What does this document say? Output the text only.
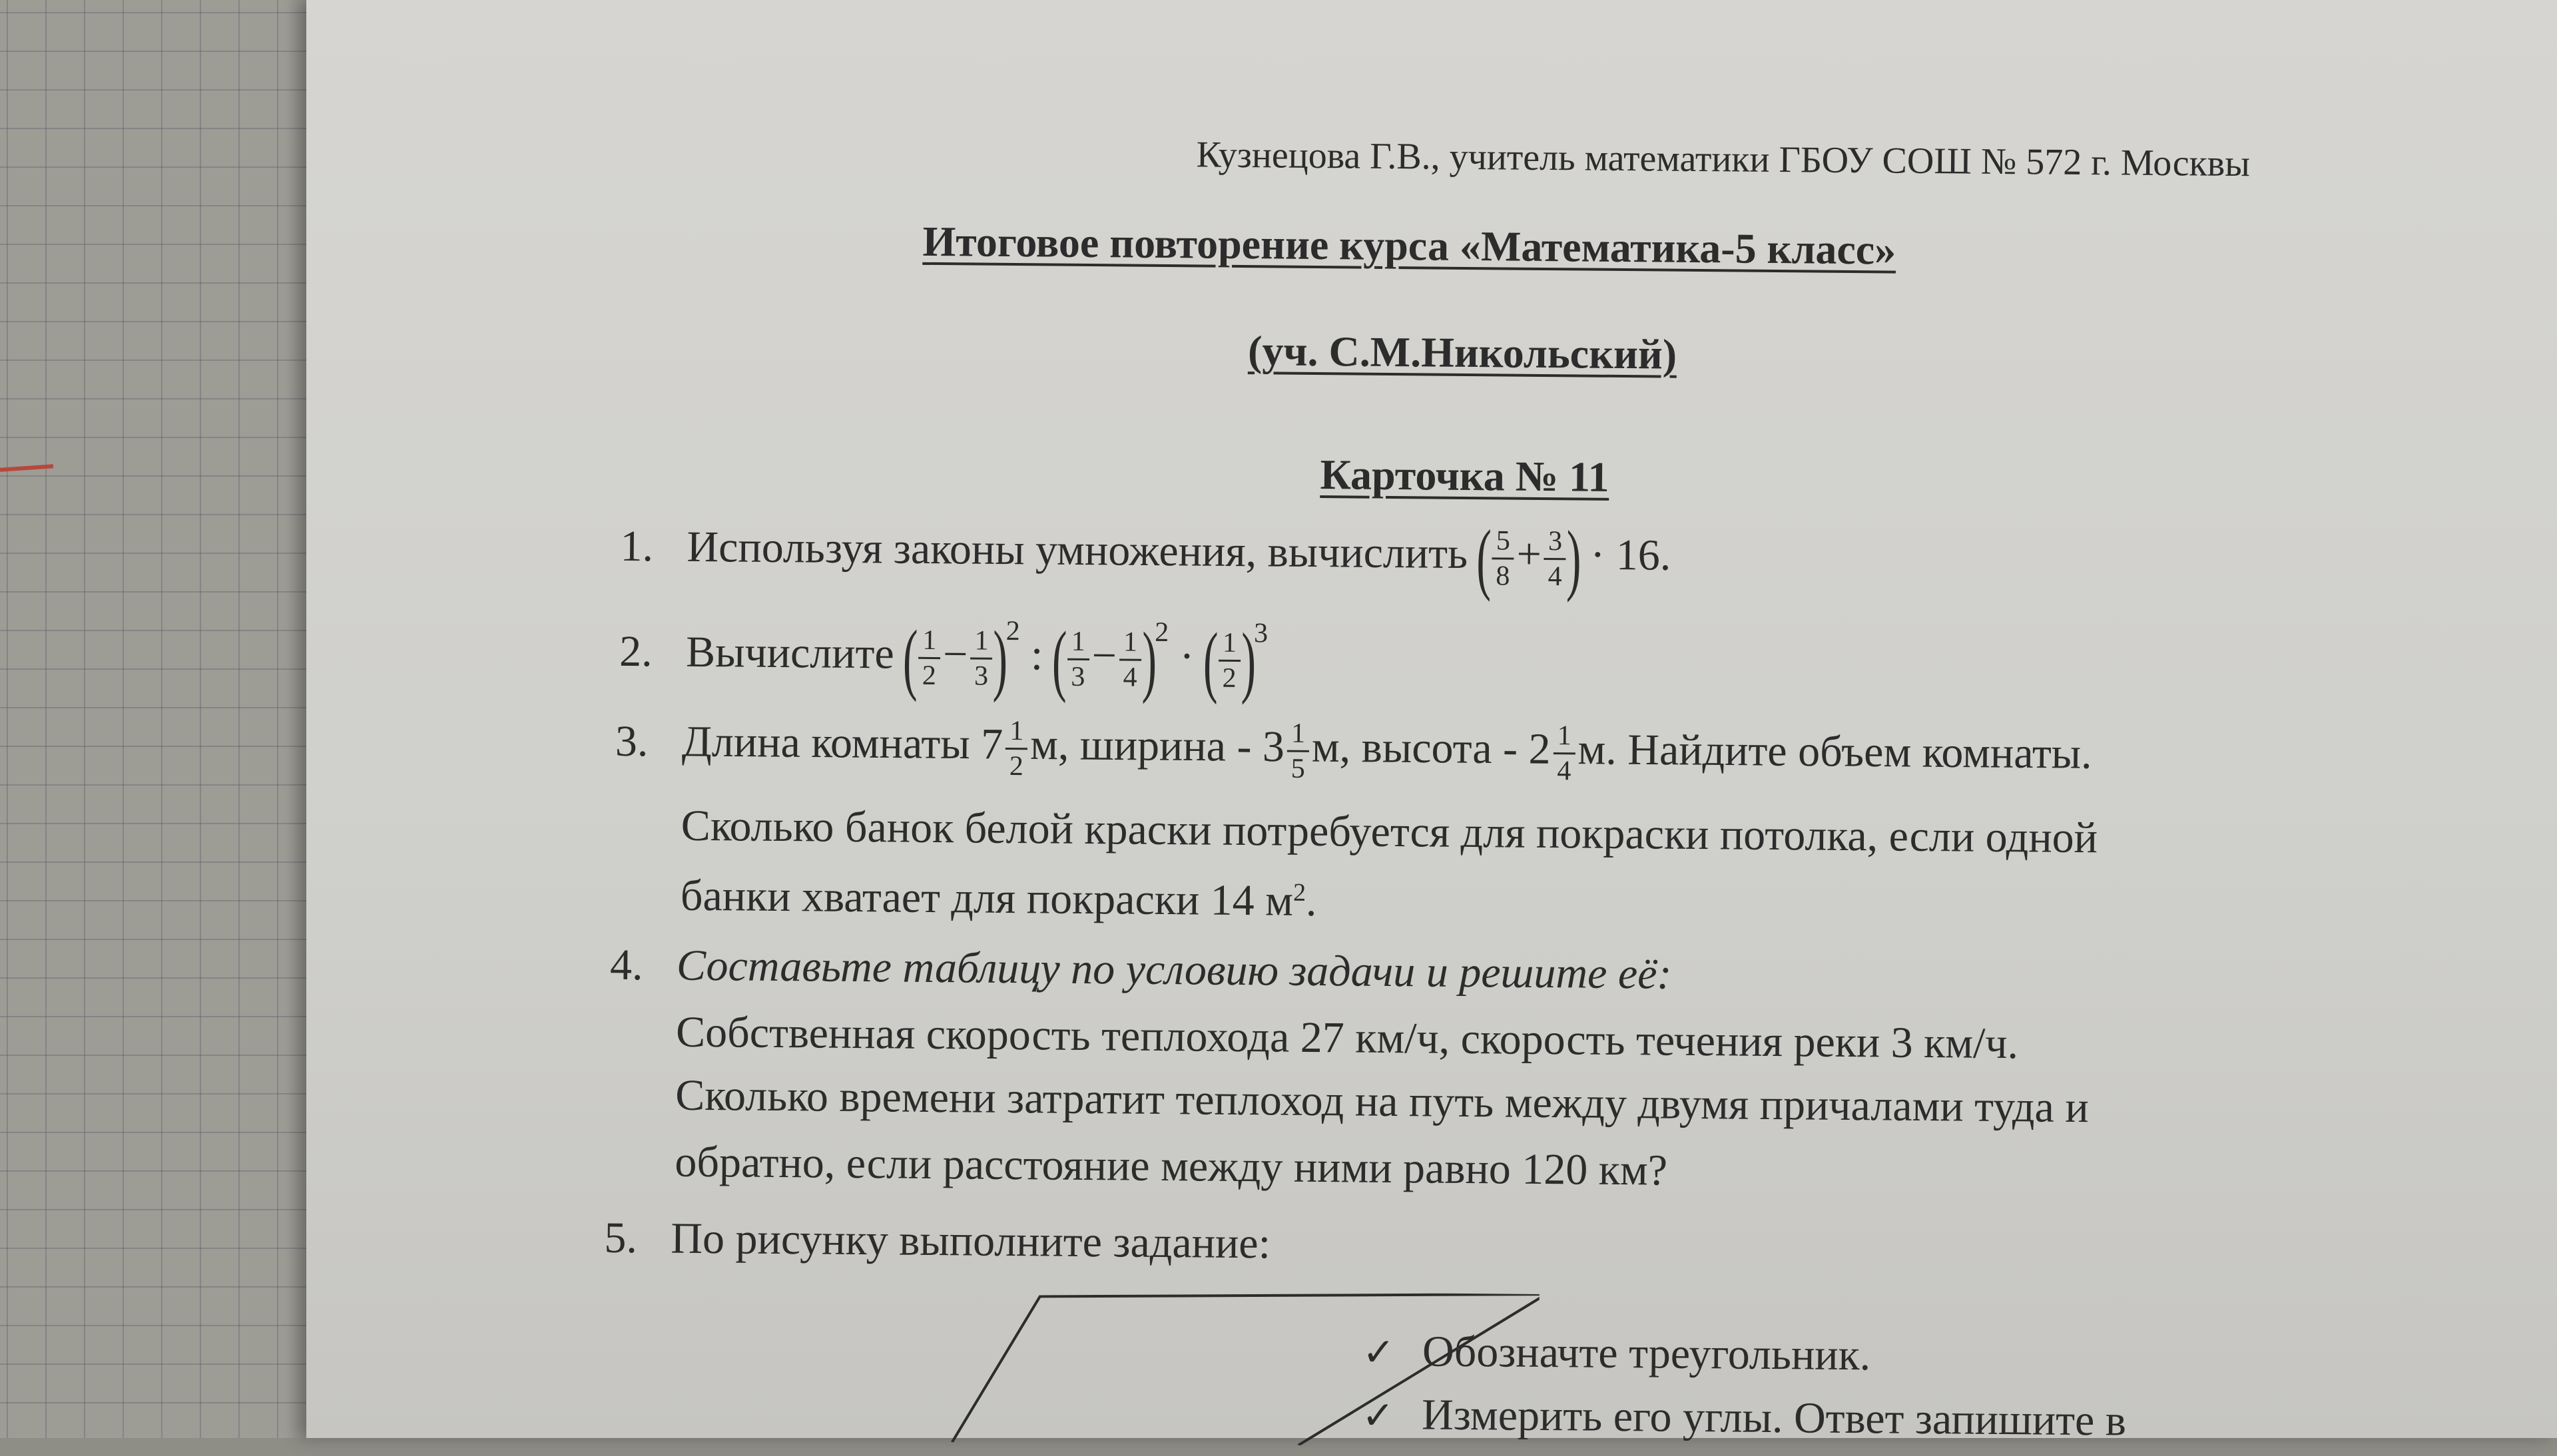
Кузнецова Г.В., учитель математики ГБОУ СОШ № 572 г. Москвы
Итоговое повторение курса «Математика-5 класс»
(уч. С.М.Никольский)
Карточка № 11
1. Используя законы умножения, вычислить ( $\frac{5}{8} + \frac{3}{4}$ ) · 16.
2. Вычислите ( $\frac{1}{2} - \frac{1}{3} )^2$ : ( $\frac{1}{3} - \frac{1}{4} )^2$ · ( $\frac{1}{2} )^3$
3. Длина комнаты $7 \frac{1}{2} м$, ширина - $3 \frac{1}{5} м$, высота - $2 \frac{1}{4} м$. Найдите объем комнаты.
Сколько банок белой краски потребуется для покраски потолка, если одной
банки хватает для покраски 14 $м^2$.
4. Составьте таблицу по условию задачи и решите её:
Собственная скорость теплохода 27 км/ч, скорость течения реки 3 км/ч.
Сколько времени затратит теплоход на путь между двумя причалами туда и
обратно, если расстояние между ними равно 120 км?
5. По рисунку выполните задание:
✓ Обозначте треугольник.
✓ Измерить его углы. Ответ запишите в
